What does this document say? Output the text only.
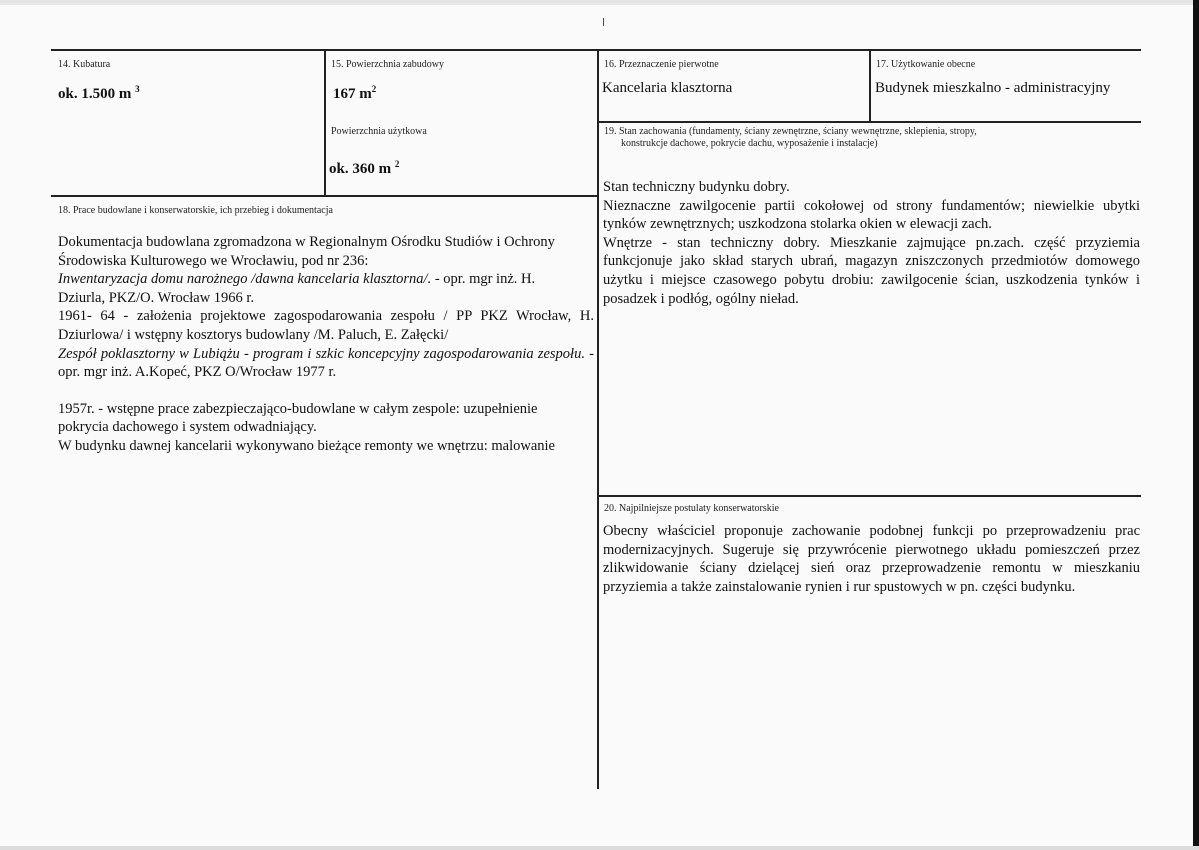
14. Kubatura
ok. 1.500 m $^3$
15. Powierzchnia zabudowy
167 $m^2$
Powierzchnia użytkowa
ok. 360 m $^2$
16. Przeznaczenie pierwotne
Kancelaria klasztorna
17. Użytkowanie obecne
Budynek mieszkalno - administracyjny
18. Prace budowlane i konserwatorskie, ich przebieg i dokumentacja

Dokumentacja budowlana zgromadzona w Regionalnym Ośrodku Studiów i Ochrony

Środowiska Kulturowego we Wrocławiu, pod nr 236:

Inwentaryzacja domu narożnego /dawna kancelaria klasztorna/. - opr. mgr inż. H.

Dziurla, PKZ/O. Wrocław 1966 r.

1961- 64 - założenia projektowe zagospodarowania zespołu / PP PKZ Wrocław, H. Dziurlowa/ i wstępny kosztorys budowlany /M. Paluch, E. Załęcki/

Zespół poklasztorny w Lubiążu - program i szkic koncepcyjny zagospodarowania zespołu. - opr. mgr inż. A.Kopeć, PKZ O/Wrocław 1977 r.

1957r. - wstępne prace zabezpieczająco-budowlane w całym zespole: uzupełnienie

pokrycia dachowego i system odwadniający.

W budynku dawnej kancelarii wykonywano bieżące remonty we wnętrzu: malowanie

19. Stan zachowania (fundamenty, ściany zewnętrzne, ściany wewnętrzne, sklepienia, stropy,
konstrukcje dachowe, pokrycie dachu, wyposażenie i instalacje)

Stan techniczny budynku dobry.

Nieznaczne zawilgocenie partii cokołowej od strony fundamentów; niewielkie ubytki tynków zewnętrznych; uszkodzona stolarka okien w elewacji zach.

Wnętrze - stan techniczny dobry. Mieszkanie zajmujące pn.zach. część przyziemia funkcjonuje jako skład starych ubrań, magazyn zniszczonych przedmiotów domowego użytku i miejsce czasowego pobytu drobiu: zawilgocenie ścian, uszkodzenia tynków i posadzek i podłóg, ogólny nieład.

20. Najpilniejsze postulaty konserwatorskie

Obecny właściciel proponuje zachowanie podobnej funkcji po przeprowadzeniu prac modernizacyjnych. Sugeruje się przywrócenie pierwotnego układu pomieszczeń przez zlikwidowanie ściany dzielącej sień oraz przeprowadzenie remontu w mieszkaniu przyziemia a także zainstalowanie rynien i rur spustowych w pn. części budynku.
